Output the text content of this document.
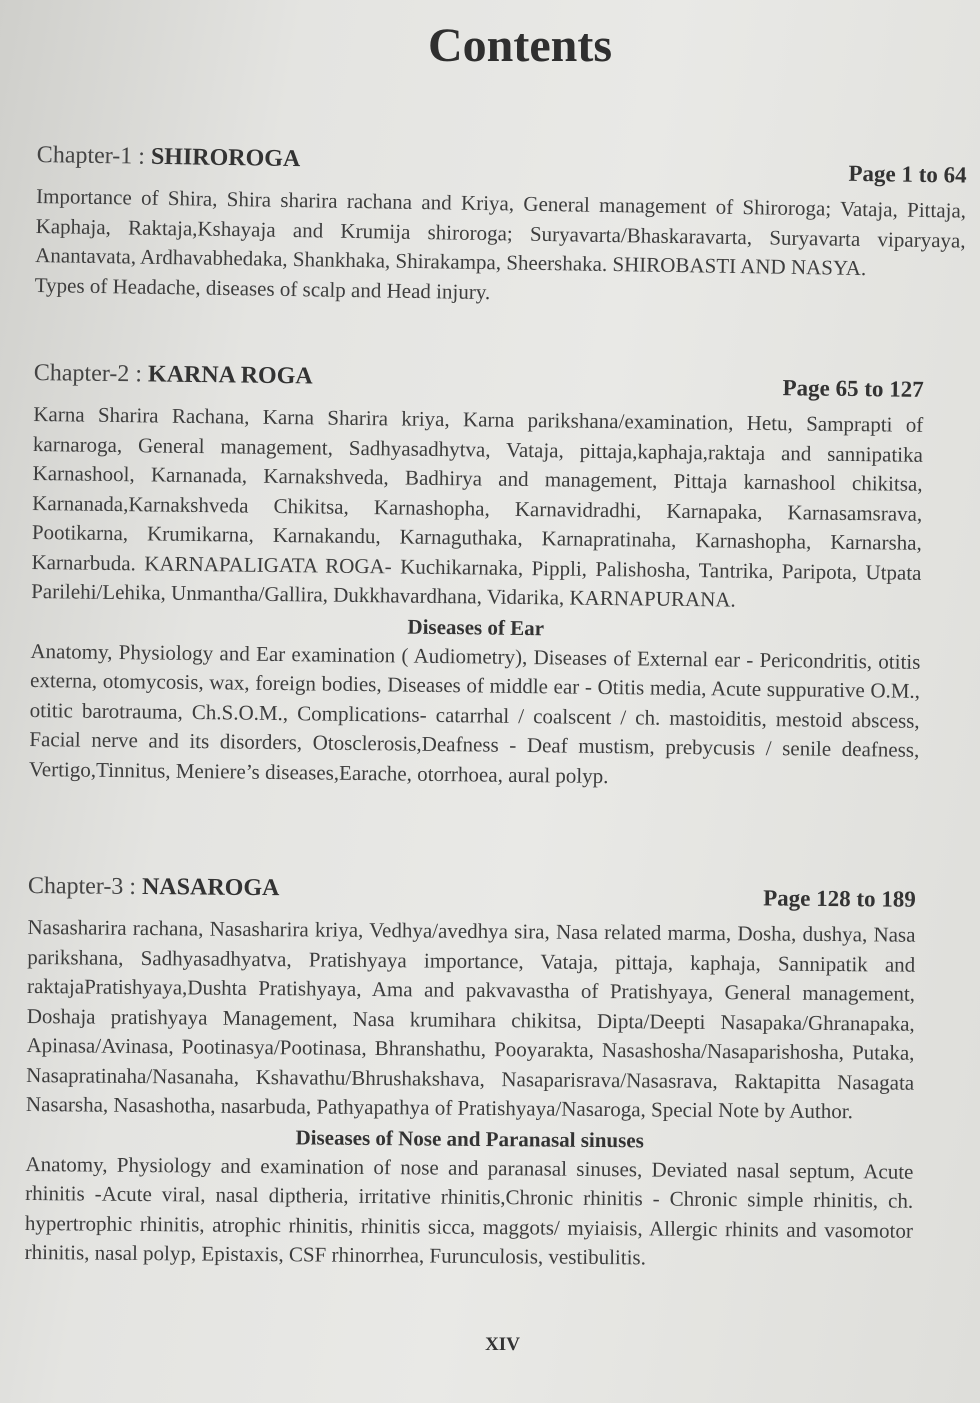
Contents
Chapter-1 : SHIROROGA
Page 1 to 64

Importance of Shira, Shira sharira rachana and Kriya, General management of Shiroroga; Vataja, Pittaja, Kaphaja, Raktaja,Kshayaja and Krumija shiroroga; Suryavarta/Bhaskaravarta, Suryavarta viparyaya, Anantavata, Ardhavabhedaka, Shankhaka, Shirakampa, Sheershaka. SHIROBASTI AND NASYA.

Types of Headache, diseases of scalp and Head injury.

Chapter-2 : KARNA ROGA	Page 65 to 127

Karna Sharira Rachana, Karna Sharira kriya, Karna parikshana/examination, Hetu, Samprapti of karnaroga, General management, Sadhyasadhytva, Vataja, pittaja,kaphaja,raktaja and sannipatika Karnashool, Karnanada, Karnakshveda, Badhirya and management, Pittaja karnashool chikitsa, Karnanada,Karnakshveda Chikitsa, Karnashopha, Karnavidradhi, Karnapaka, Karnasamsrava, Pootikarna, Krumikarna, Karnakandu, Karnaguthaka, Karnapratinaha, Karnashopha, Karnarsha, Karnarbuda. KARNAPALIGATA ROGA- Kuchikarnaka, Pippli, Palishosha, Tantrika, Paripota, Utpata Parilehi/Lehika, Unmantha/Gallira, Dukkhavardhana, Vidarika, KARNAPURANA.

Diseases of Ear

Anatomy, Physiology and Ear examination ( Audiometry), Diseases of External ear - Pericondritis, otitis externa, otomycosis, wax, foreign bodies, Diseases of middle ear - Otitis media, Acute suppurative O.M., otitic barotrauma, Ch.S.O.M., Complications- catarrhal / coalscent / ch. mastoiditis, mestoid abscess, Facial nerve and its disorders, Otosclerosis,Deafness - Deaf mustism, prebycusis / senile deafness, Vertigo,Tinnitus, Meniere’s diseases,Earache, otorrhoea, aural polyp.

Chapter-3 : NASAROGA	Page 128 to 189

Nasasharira rachana, Nasasharira kriya, Vedhya/avedhya sira, Nasa related marma, Dosha, dushya, Nasa parikshana, Sadhyasadhyatva, Pratishyaya importance, Vataja, pittaja, kaphaja, Sannipatik and raktajaPratishyaya,Dushta Pratishyaya, Ama and pakvavastha of Pratishyaya, General management, Doshaja pratishyaya Management, Nasa krumihara chikitsa, Dipta/Deepti Nasapaka/Ghranapaka, Apinasa/Avinasa, Pootinasya/Pootinasa, Bhranshathu, Pooyarakta, Nasashosha/Nasaparishosha, Putaka, Nasapratinaha/Nasanaha, Kshavathu/Bhrushakshava, Nasaparisrava/Nasasrava, Raktapitta Nasagata Nasarsha, Nasashotha, nasarbuda, Pathyapathya of Pratishyaya/Nasaroga, Special Note by Author.

Diseases of Nose and Paranasal sinuses

Anatomy, Physiology and examination of nose and paranasal sinuses, Deviated nasal septum, Acute rhinitis -Acute viral, nasal diptheria, irritative rhinitis,Chronic rhinitis - Chronic simple rhinitis, ch. hypertrophic rhinitis, atrophic rhinitis, rhinitis sicca, maggots/ myiaisis, Allergic rhinits and vasomotor rhinitis, nasal polyp, Epistaxis, CSF rhinorrhea, Furunculosis, vestibulitis.

XIV
